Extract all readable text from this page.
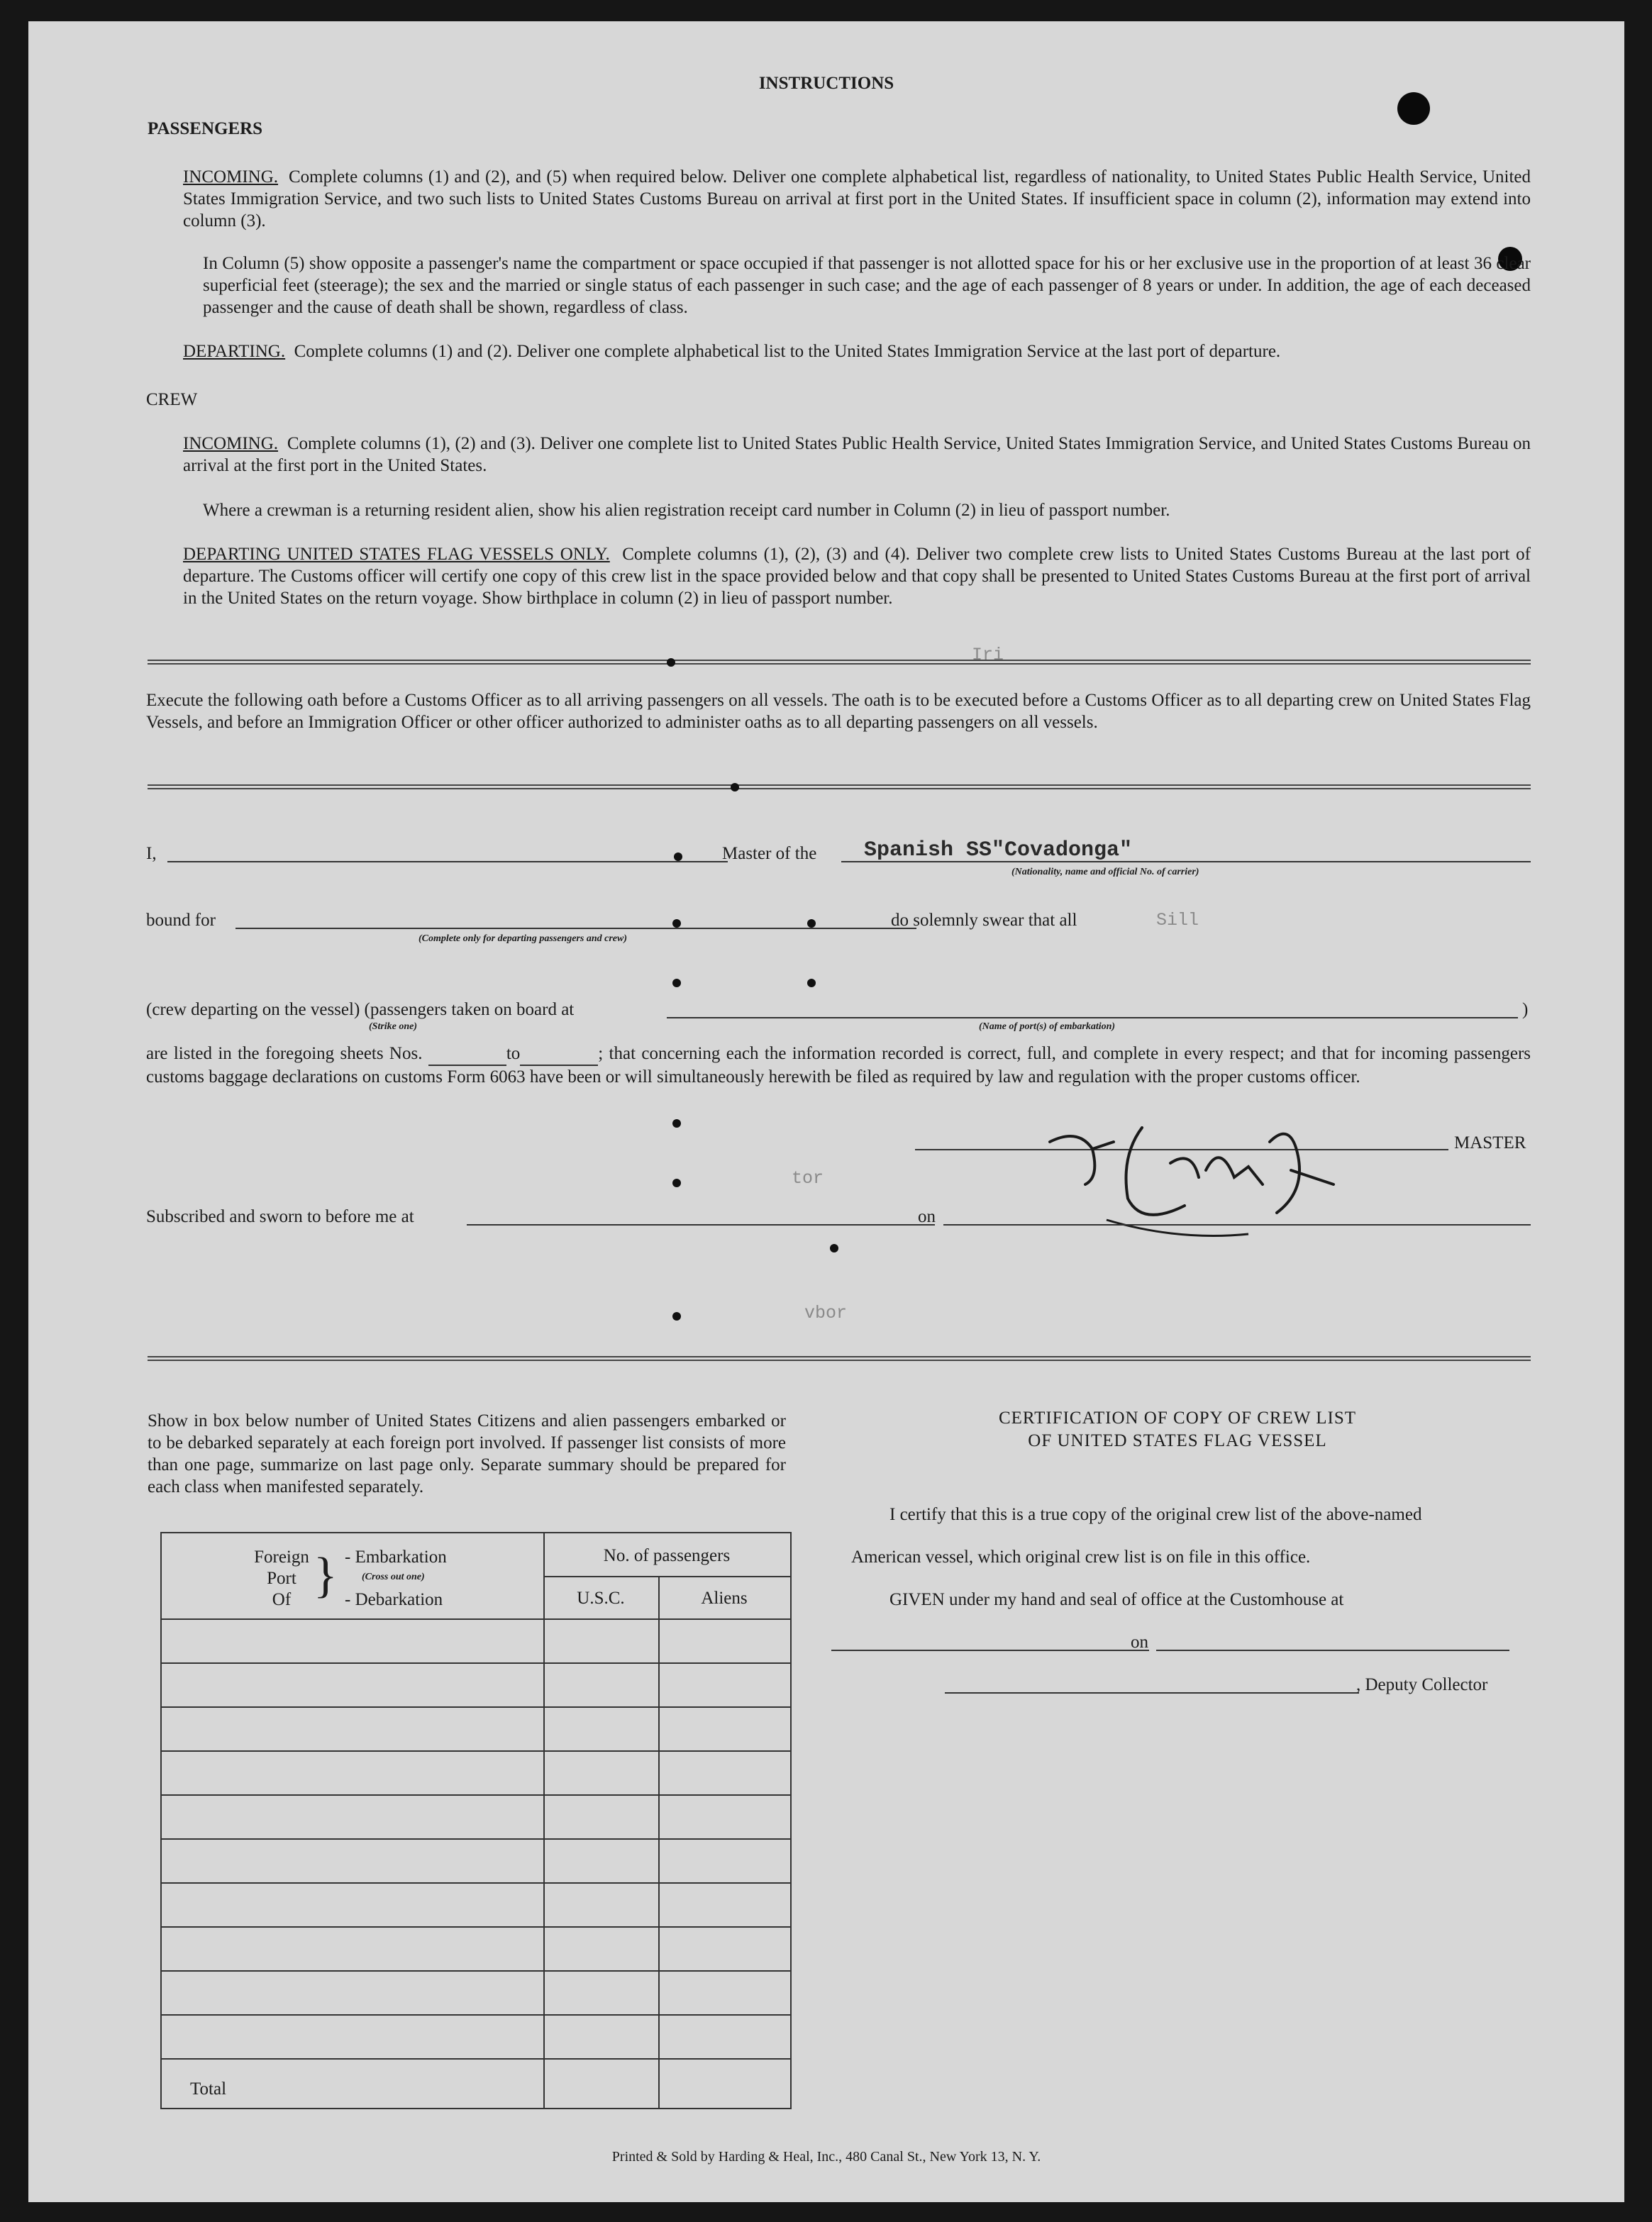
INSTRUCTIONS
PASSENGERS
INCOMING. Complete columns (1) and (2), and (5) when required below. Deliver one complete alphabetical list, regardless of nationality, to United States Public Health Service, United States Immigration Service, and two such lists to United States Customs Bureau on arrival at first port in the United States. If insufficient space in column (2), information may extend into column (3).
In Column (5) show opposite a passenger's name the compartment or space occupied if that passenger is not allotted space for his or her exclusive use in the proportion of at least 36 clear superficial feet (steerage); the sex and the married or single status of each passenger in such case; and the age of each passenger of 8 years or under. In addition, the age of each deceased passenger and the cause of death shall be shown, regardless of class.
DEPARTING. Complete columns (1) and (2). Deliver one complete alphabetical list to the United States Immigration Service at the last port of departure.
CREW
INCOMING. Complete columns (1), (2) and (3). Deliver one complete list to United States Public Health Service, United States Immigration Service, and United States Customs Bureau on arrival at the first port in the United States.
Where a crewman is a returning resident alien, show his alien registration receipt card number in Column (2) in lieu of passport number.
DEPARTING UNITED STATES FLAG VESSELS ONLY. Complete columns (1), (2), (3) and (4). Deliver two complete crew lists to United States Customs Bureau at the last port of departure. The Customs officer will certify one copy of this crew list in the space provided below and that copy shall be presented to United States Customs Bureau at the first port of arrival in the United States on the return voyage. Show birthplace in column (2) in lieu of passport number.
Iri
Execute the following oath before a Customs Officer as to all arriving passengers on all vessels. The oath is to be executed before a Customs Officer as to all departing crew on United States Flag Vessels, and before an Immigration Officer or other officer authorized to administer oaths as to all departing passengers on all vessels.
I,	Master of the Spanish SS"Covadonga"
(Nationality, name and official No. of carrier)
bound for
(Complete only for departing passengers and crew)
do solemnly swear that all	Sill
(crew departing on the vessel) (passengers taken on board at	)
(Strike one)	(Name of port(s) of embarkation)
are listed in the foregoing sheets Nos.	to	; that concerning each the information recorded is correct, full, and complete in every respect; and that for incoming passengers customs baggage declarations on customs Form 6063 have been or will simultaneously herewith be filed as required by law and regulation with the proper customs officer.
MASTER
tor
Subscribed and sworn to before me at	on
vbor
Show in box below number of United States Citizens and alien passengers embarked or to be debarked separately at each foreign port involved. If passenger list consists of more than one page, summarize on last page only. Separate summary should be prepared for each class when manifested separately.
Foreign
Port
Of } - Embarkation
(Cross out one)
- Debarkation
No. of passengers
U.S.C.	Aliens
Total
CERTIFICATION OF COPY OF CREW LIST
OF UNITED STATES FLAG VESSEL
I certify that this is a true copy of the original crew list of the above-named
American vessel, which original crew list is on file in this office.
GIVEN under my hand and seal of office at the Customhouse at
on
, Deputy Collector
Printed & Sold by Harding & Heal, Inc., 480 Canal St., New York 13, N. Y.
